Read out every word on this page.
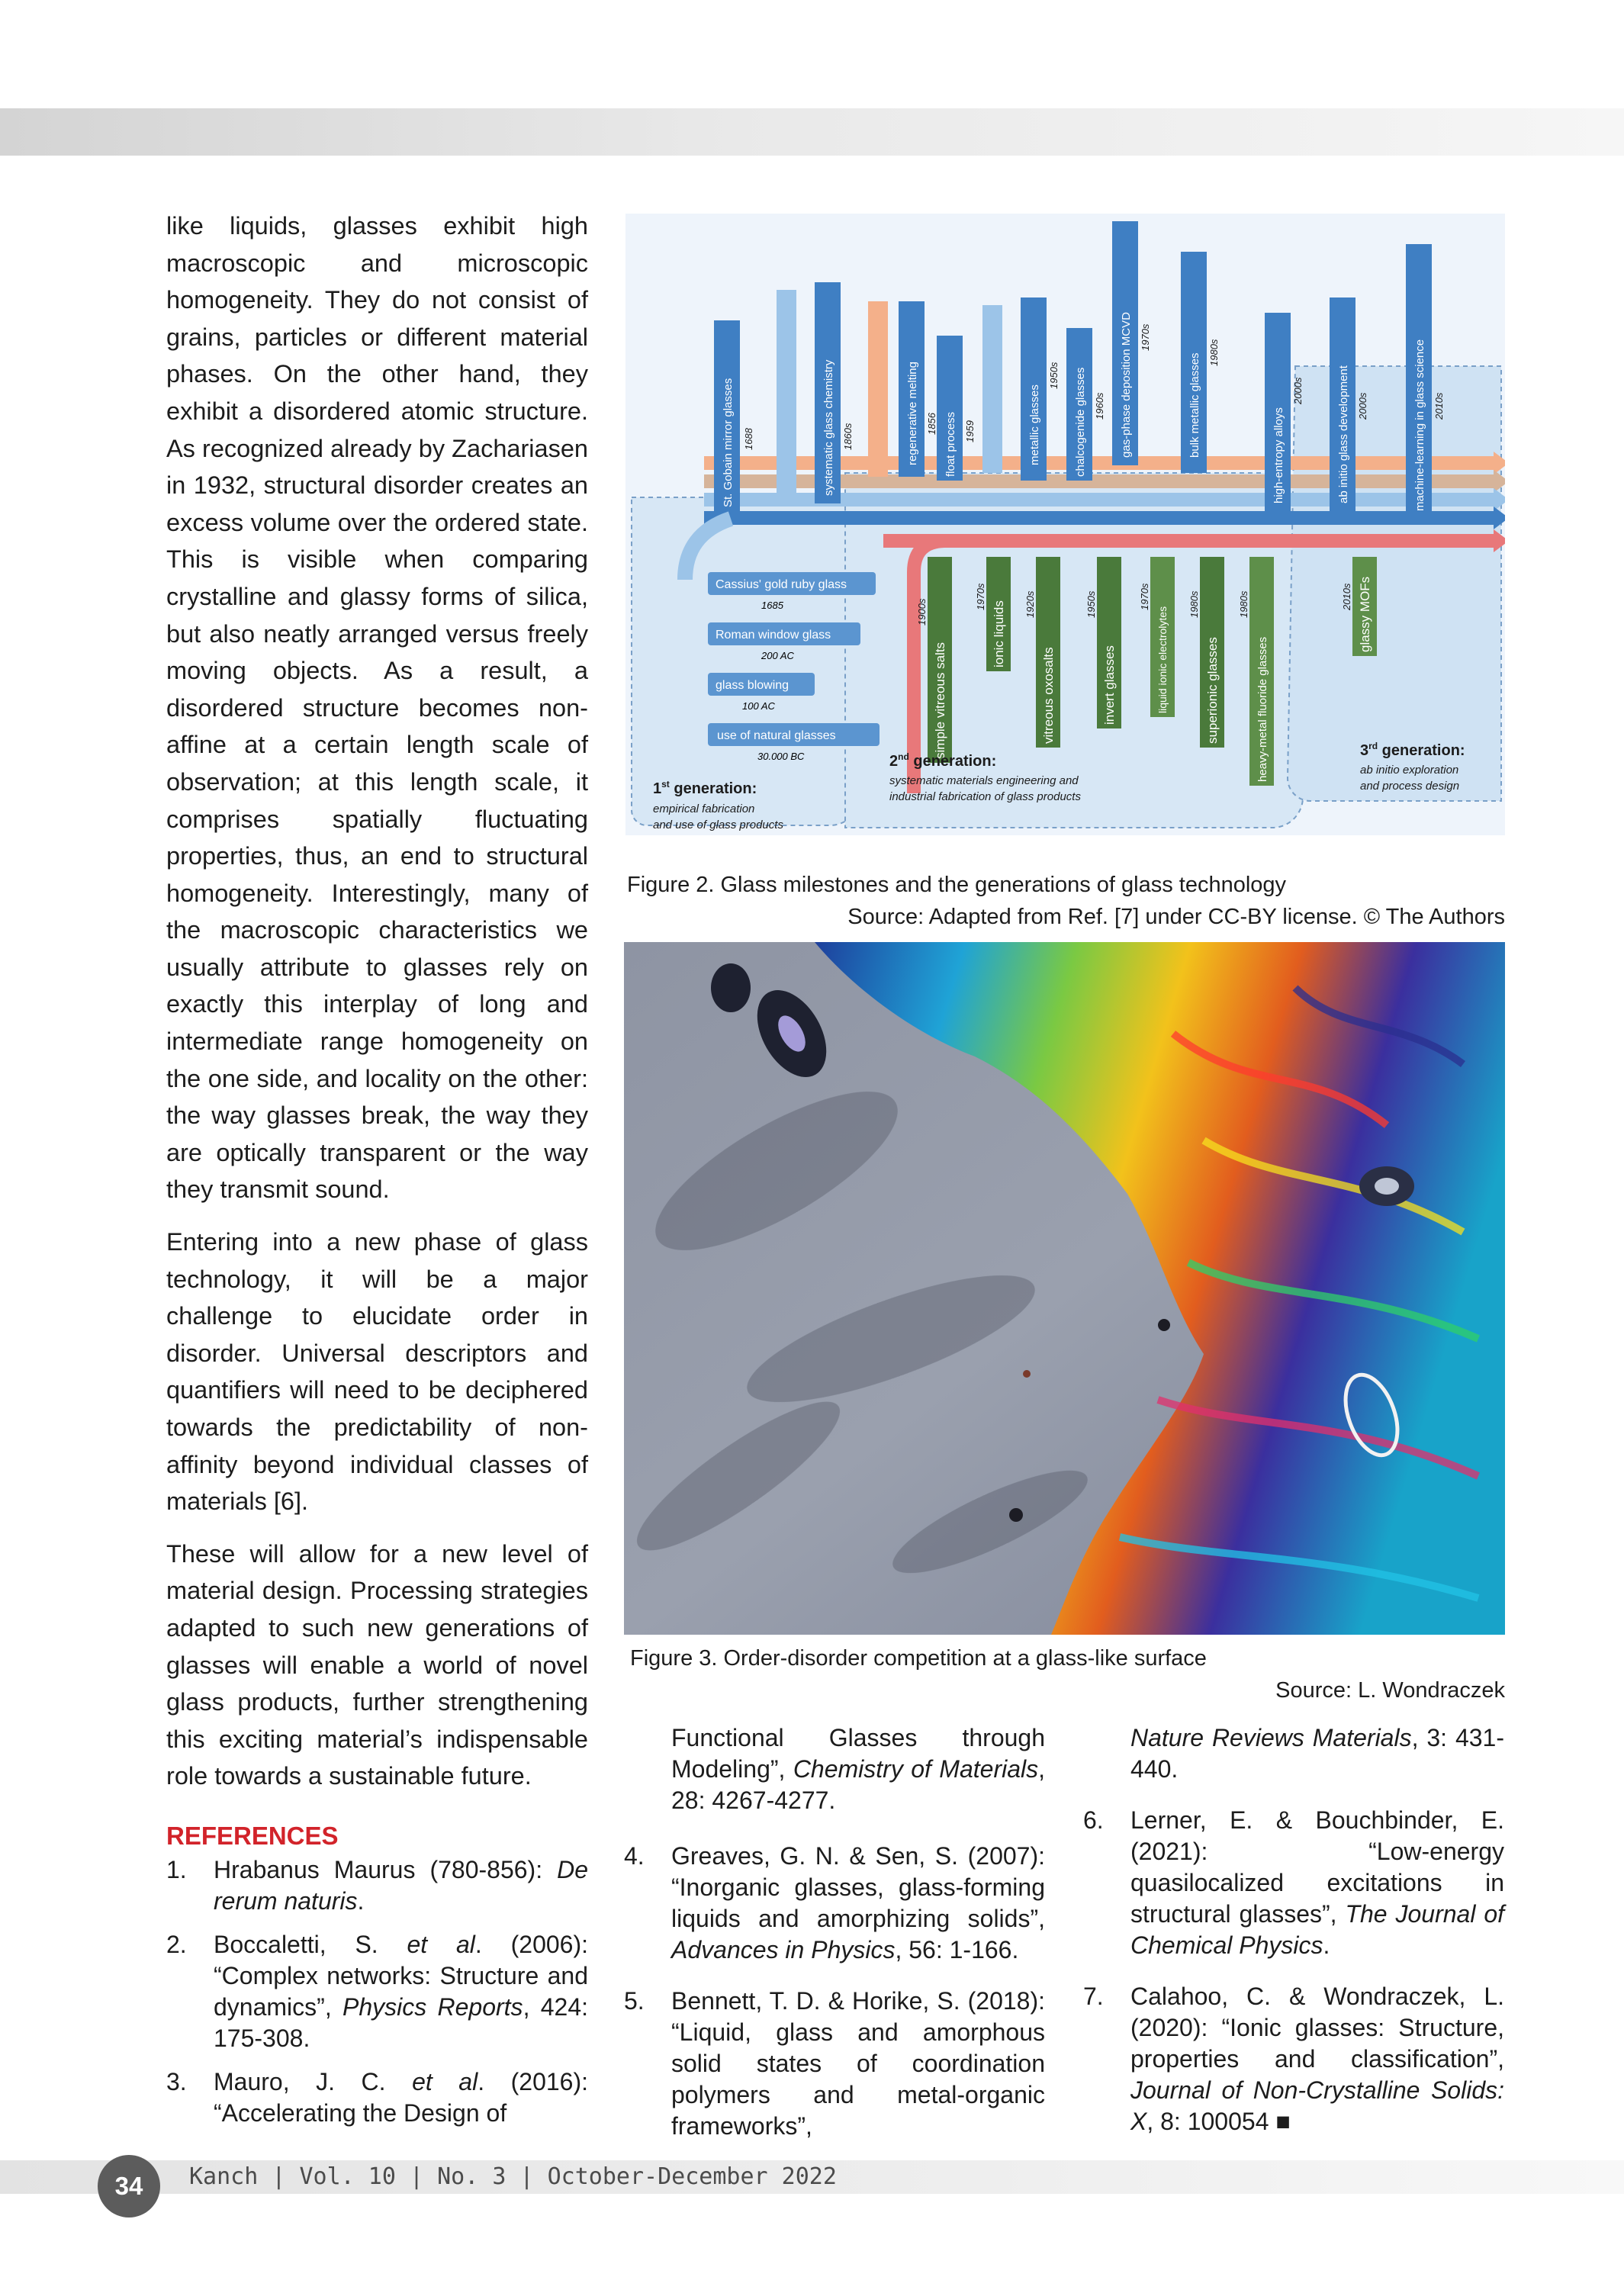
like liquids, glasses exhibit high macroscopic and microscopic homogeneity. They do not consist of grains, particles or different material phases. On the other hand, they exhibit a disordered atomic structure. As recognized already by Zachariasen in 1932, structural disorder creates an excess volume over the ordered state. This is visible when comparing crystalline and glassy forms of silica, but also neatly arranged versus freely moving objects. As a result, a disordered structure becomes non-affine at a certain length scale of observation; at this length scale, it comprises spatially fluctuating properties, thus, an end to structural homogeneity. Interestingly, many of the macroscopic characteristics we usually attribute to glasses rely on exactly this interplay of long and intermediate range homogeneity on the one side, and locality on the other: the way glasses break, the way they are optically transparent or the way they transmit sound.

Entering into a new phase of glass technology, it will be a major challenge to elucidate order in disorder. Universal descriptors and quantifiers will need to be deciphered towards the predictability of non-affinity beyond individual classes of materials [6].

These will allow for a new level of material design. Processing strategies adapted to such new generations of glasses will enable a world of novel glass products, further strengthening this exciting material’s indispensable role towards a sustainable future.

REFERENCES
1. Hrabanus Maurus (780-856): De rerum naturis.
2. Boccaletti, S. et al. (2006): “Complex networks: Structure and dynamics”, Physics Reports, 424: 175-308.
3. Mauro, J. C. et al. (2016): “Accelerating the Design of
St. Gobain mirror glasses	systematic glass chemistry	regenerative melting float process	metallic glasses	chalcogenide glasses	gas-phase deposition MCVD	bulk metallic glasses	high-entropy alloys	ab initio glass development	machine-learning in glass science
1688	1860s	1856	1959
1950s
1960s
1970s
1980s
2000s
2000s	2010s
Cassius' gold ruby glass
1685
Roman window glass
200 AC
glass blowing
100 AC
use of natural glasses
30.000 BC	simple vitreous salts
ionic liquids
vitreous oxosalts	invert glasses	liquid ionic electrolytes	superionic glasses	heavy-metal fluoride glasses
glassy MOFs
1900s
1970s	1920s	1950s	1970s	1980s	1980s	2010s
1st generation:
empirical fabrication
and use of glass products
2nd generation:
systematic materials engineering and
industrial fabrication of glass products
3rd generation:
ab initio exploration
and process design
Figure 2. Glass milestones and the generations of glass technology
Source: Adapted from Ref. [7] under CC-BY license. © The Authors
Figure 3. Order-disorder competition at a glass-like surface
Source: L. Wondraczek
Functional Glasses through Modeling”, Chemistry of Materials, 28: 4267-4277.
4. Greaves, G. N. & Sen, S. (2007): “Inorganic glasses, glass-forming liquids and amorphizing solids”, Advances in Physics, 56: 1-166.
5. Bennett, T. D. & Horike, S. (2018): “Liquid, glass and amorphous solid states of coordination polymers and metal-organic frameworks”,
Nature Reviews Materials, 3: 431-440.
6. Lerner, E. & Bouchbinder, E. (2021): “Low-energy quasilocalized excitations in structural glasses”, The Journal of Chemical Physics.
7. Calahoo, C. & Wondraczek, L. (2020): “Ionic glasses: Structure, properties and classification”, Journal of Non-Crystalline Solids: X, 8: 100054 ■
34	Kanch | Vol. 10 | No. 3 | October-December 2022
